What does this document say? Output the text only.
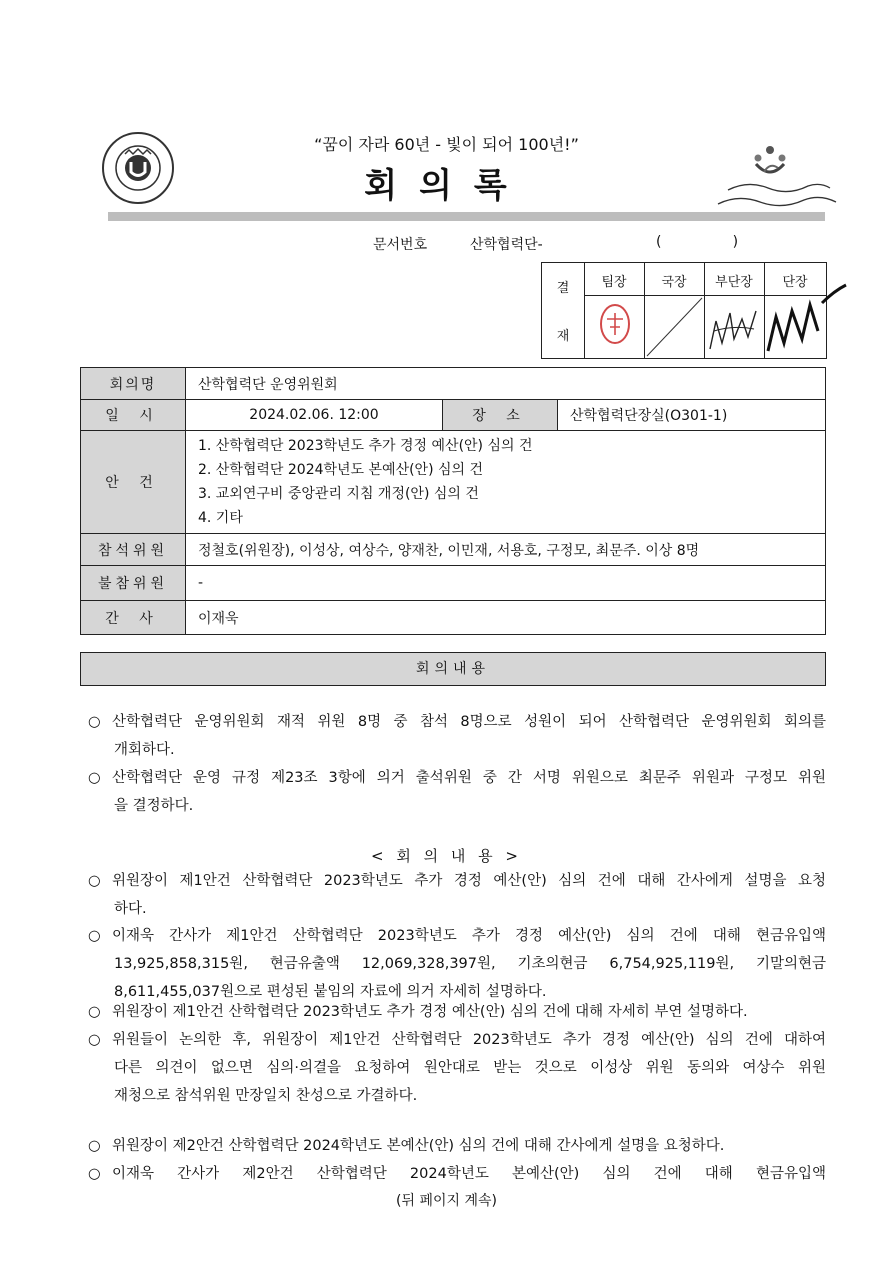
“꿈이 자라 60년 - 빛이 되어 100년!”
회의록
문서번호	산학협력단-	(                )
결
재
팀장	국장	부단장	단장
회의명	산학협력단 운영위원회		
일 시	2024.02.06. 12:00	장 소	산학협력단장실(O301-1)
안 건	1. 산학협력단 2023학년도 추가 경정 예산(안) 심의 건
2. 산학협력단 2024학년도 본예산(안) 심의 건
3. 교외연구비 중앙관리 지침 개정(안) 심의 건
4. 기타		

참석위원	정철호(위원장), 이성상, 여상수, 양재찬, 이민재, 서용호, 구정모, 최문주. 이상 8명		
불참위원	-		
간 사	이재욱		
회의내용
○ 산학협력단 운영위원회 재적 위원 8명 중 참석 8명으로 성원이 되어 산학협력단 운영위원회 회의를
개회하다.
○ 산학협력단 운영 규정 제23조 3항에 의거 출석위원 중 간 서명 위원으로 최문주 위원과 구정모 위원
을 결정하다.
< 회 의 내 용 >
○ 위원장이 제1안건 산학협력단 2023학년도 추가 경정 예산(안) 심의 건에 대해 간사에게 설명을 요청
하다.
○ 이재욱 간사가 제1안건 산학협력단 2023학년도 추가 경정 예산(안) 심의 건에 대해 현금유입액
13,925,858,315원, 현금유출액 12,069,328,397원, 기초의현금 6,754,925,119원, 기말의현금
8,611,455,037원으로 편성된 붙임의 자료에 의거 자세히 설명하다.
○ 위원장이 제1안건 산학협력단 2023학년도 추가 경정 예산(안) 심의 건에 대해 자세히 부연 설명하다.
○ 위원들이 논의한 후, 위원장이 제1안건 산학협력단 2023학년도 추가 경정 예산(안) 심의 건에 대하여
다른 의견이 없으면 심의·의결을 요청하여 원안대로 받는 것으로 이성상 위원 동의와 여상수 위원
재청으로 참석위원 만장일치 찬성으로 가결하다.
○ 위원장이 제2안건 산학협력단 2024학년도 본예산(안) 심의 건에 대해 간사에게 설명을 요청하다.
○ 이재욱 간사가 제2안건 산학협력단 2024학년도 본예산(안) 심의 건에 대해 현금유입액
(뒤 페이지 계속)
